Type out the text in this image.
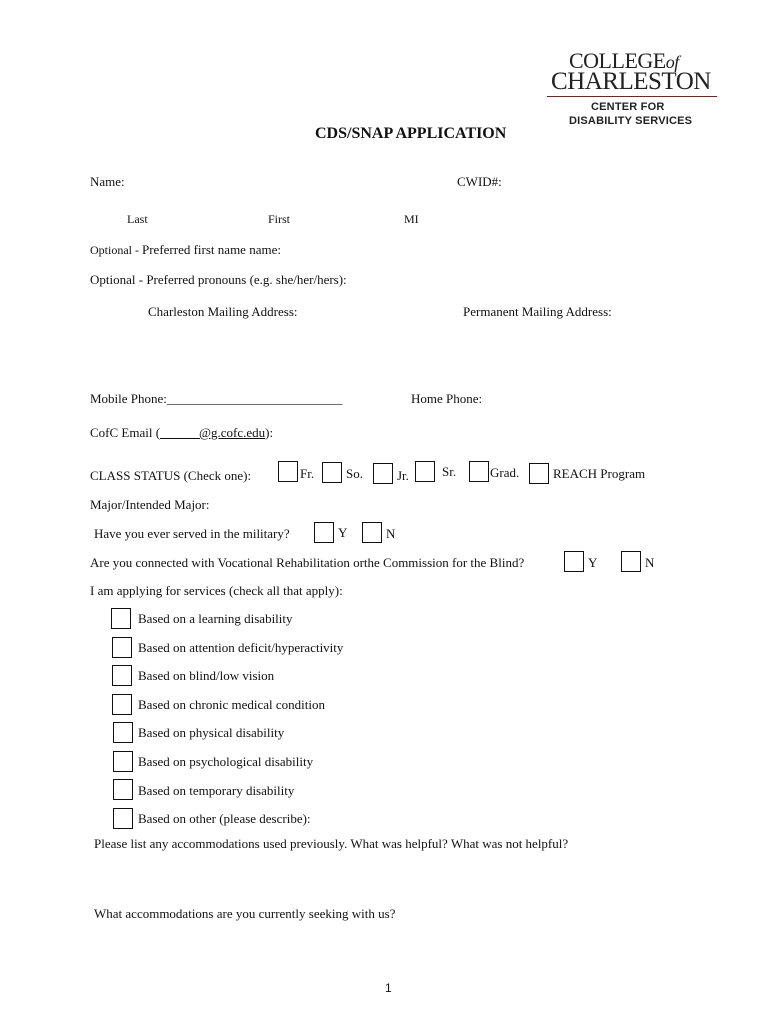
COLLEGEof
CHARLESTON
CENTER FOR
DISABILITY SERVICES
CDS/SNAP APPLICATION
Name:	CWID#:
Last	First	MI
Optional - Preferred first name name:
Optional - Preferred pronouns (e.g. she/her/hers):
Charleston Mailing Address:	Permanent Mailing Address:
Mobile Phone:___________________________	Home Phone:
CofC Email (______@g.cofc.edu):
CLASS STATUS (Check one):	Fr. So.	Jr.	Sr.	Grad.	REACH Program
Major/Intended Major:
Have you ever served in the military?	Y	N
Are you connected with Vocational Rehabilitation orthe Commission for the Blind?	Y	N
I am applying for services (check all that apply):
Based on a learning disability
Based on attention deficit/hyperactivity
Based on blind/low vision
Based on chronic medical condition
Based on physical disability
Based on psychological disability
Based on temporary disability
Based on other (please describe):
Please list any accommodations used previously. What was helpful? What was not helpful?
What accommodations are you currently seeking with us?
1
